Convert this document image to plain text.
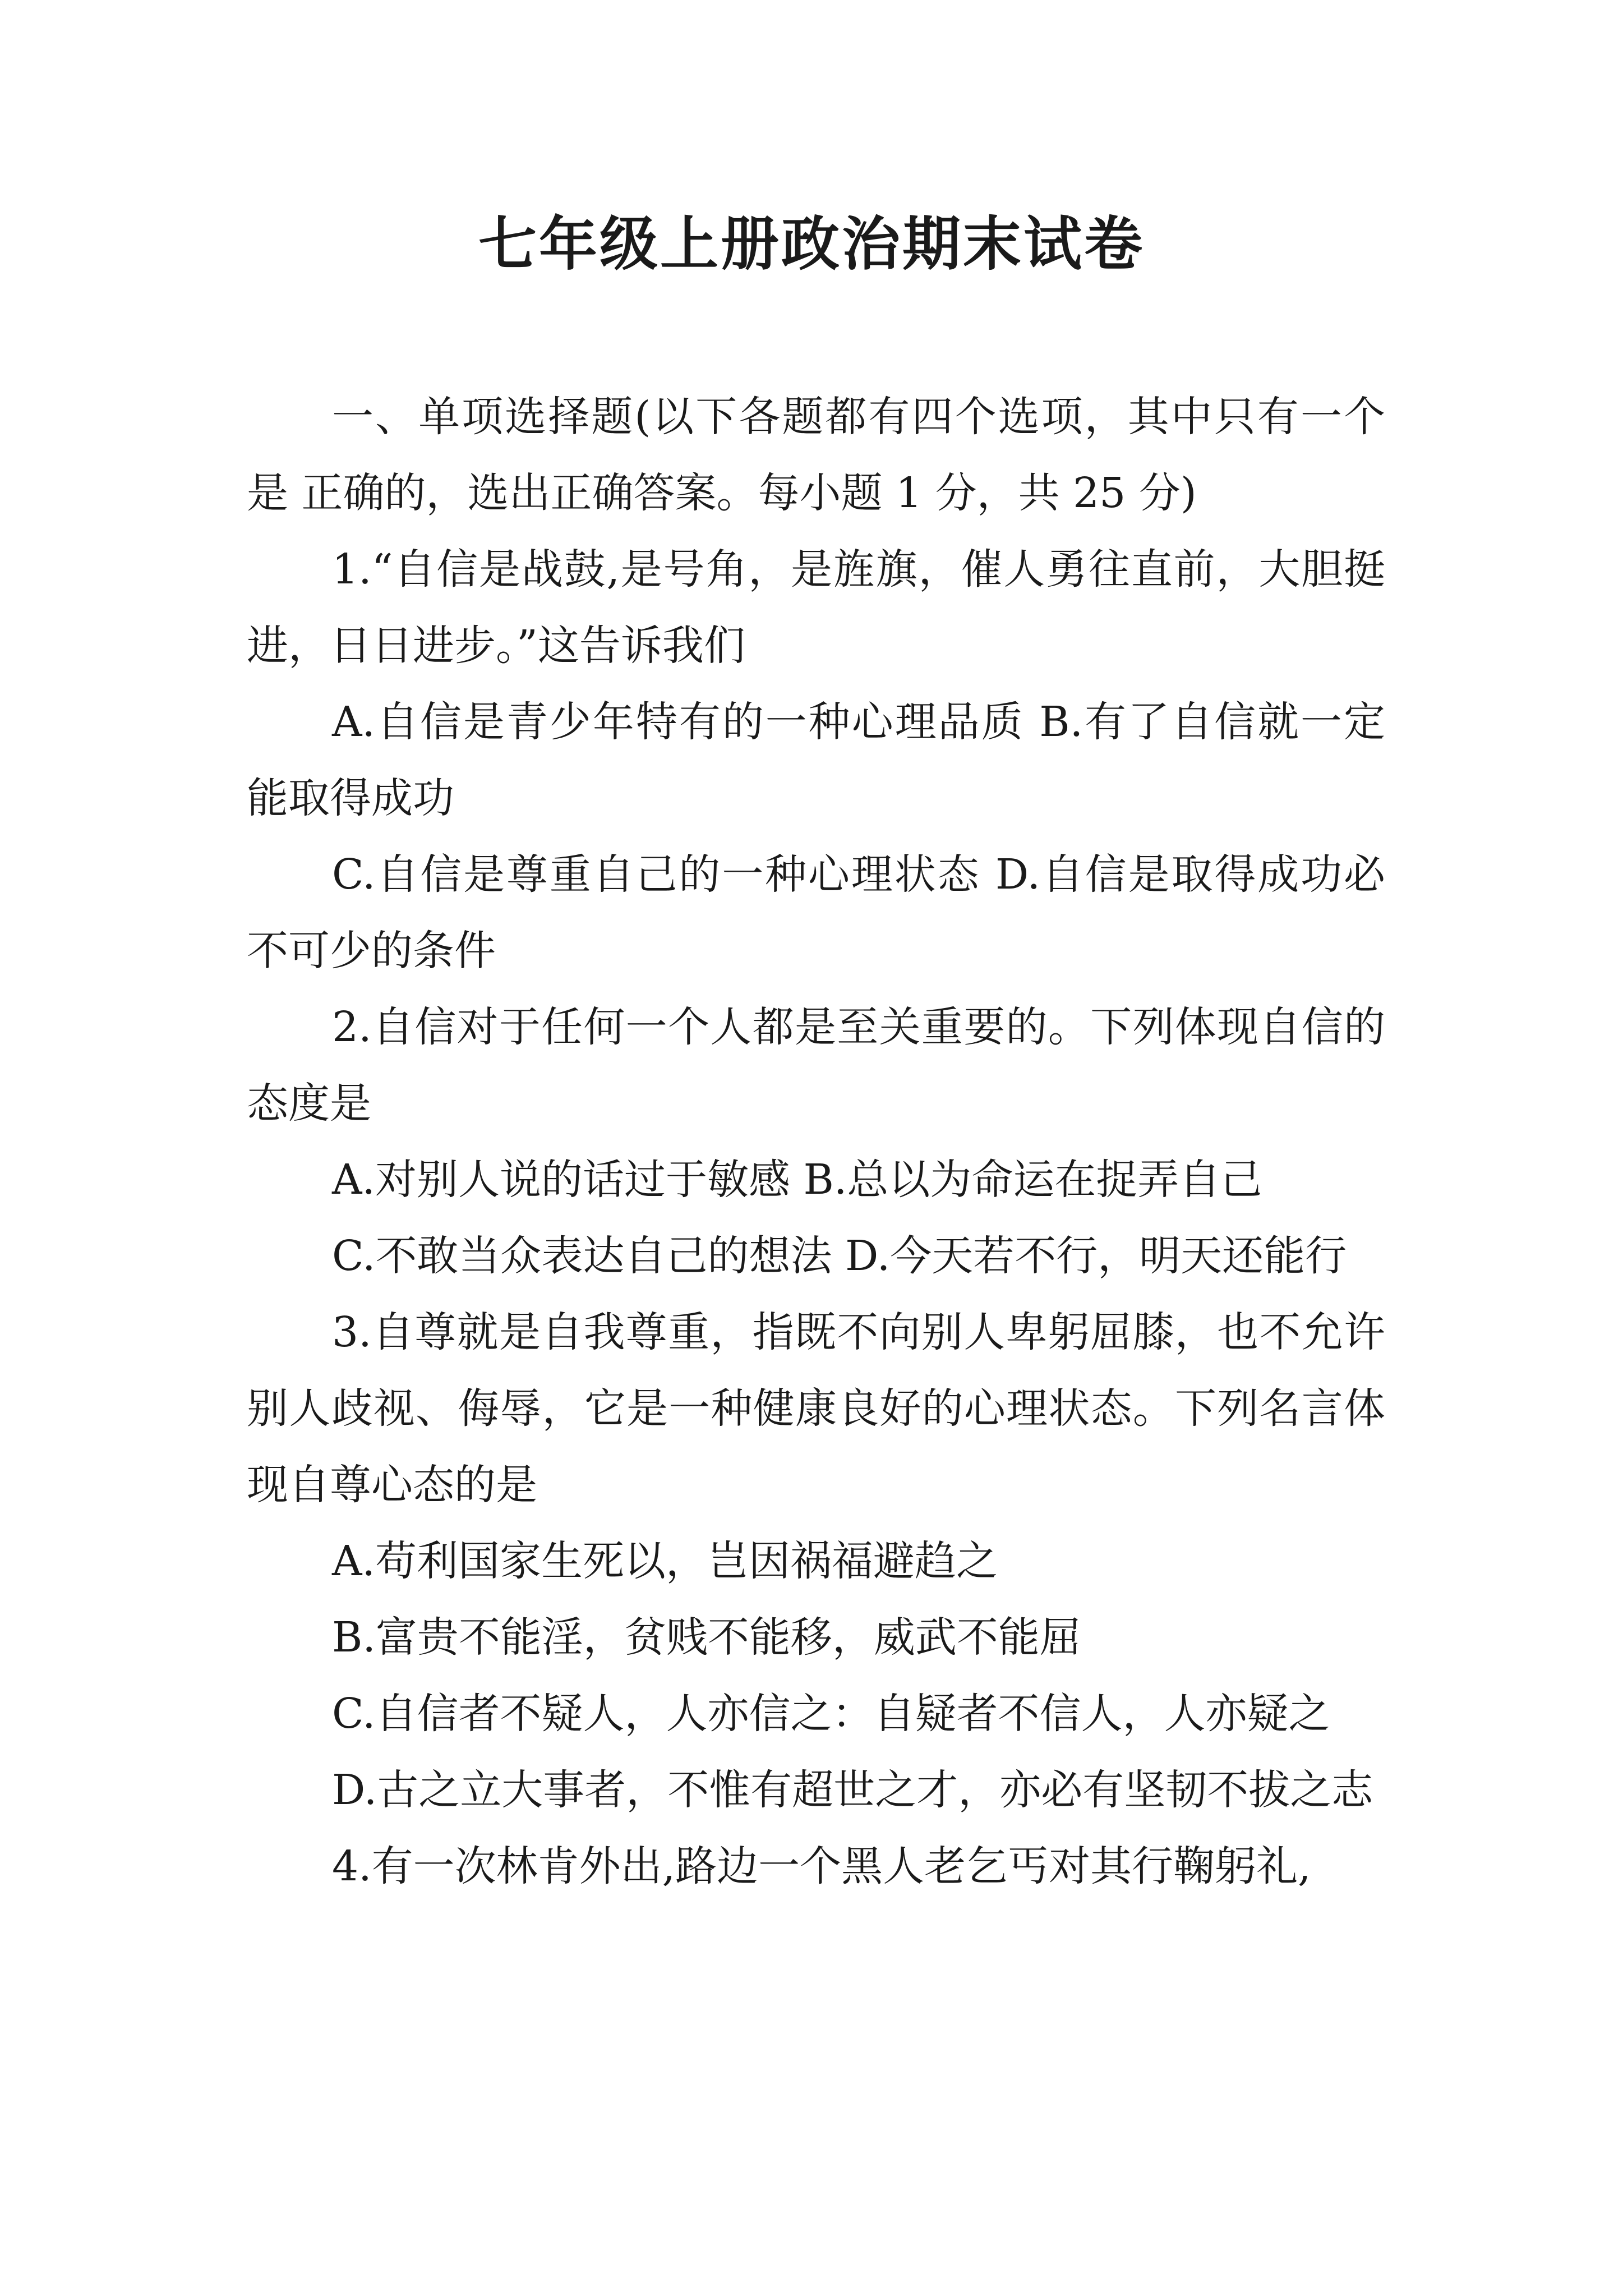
七年级上册政治期末试卷

一、单项选择题(以下各题都有四个选项，其中只有一个是 正确的，选出正确答案。每小题 1 分，共 25 分)

1.“自信是战鼓,是号角，是旌旗，催人勇往直前，大胆挺进，日日进步。”这告诉我们

A.自信是青少年特有的一种心理品质 B.有了自信就一定能取得成功

C.自信是尊重自己的一种心理状态 D.自信是取得成功必不可少的条件

2.自信对于任何一个人都是至关重要的。下列体现自信的态度是

A.对别人说的话过于敏感 B.总以为命运在捉弄自己

C.不敢当众表达自己的想法 D.今天若不行，明天还能行

3.自尊就是自我尊重，指既不向别人卑躬屈膝，也不允许别人歧视、侮辱，它是一种健康良好的心理状态。下列名言体现自尊心态的是

A.苟利国家生死以，岂因祸福避趋之

B.富贵不能淫，贫贱不能移，威武不能屈

C.自信者不疑人，人亦信之：自疑者不信人，人亦疑之

D.古之立大事者，不惟有超世之才，亦必有坚韧不拔之志

4.有一次林肯外出,路边一个黑人老乞丐对其行鞠躬礼,
